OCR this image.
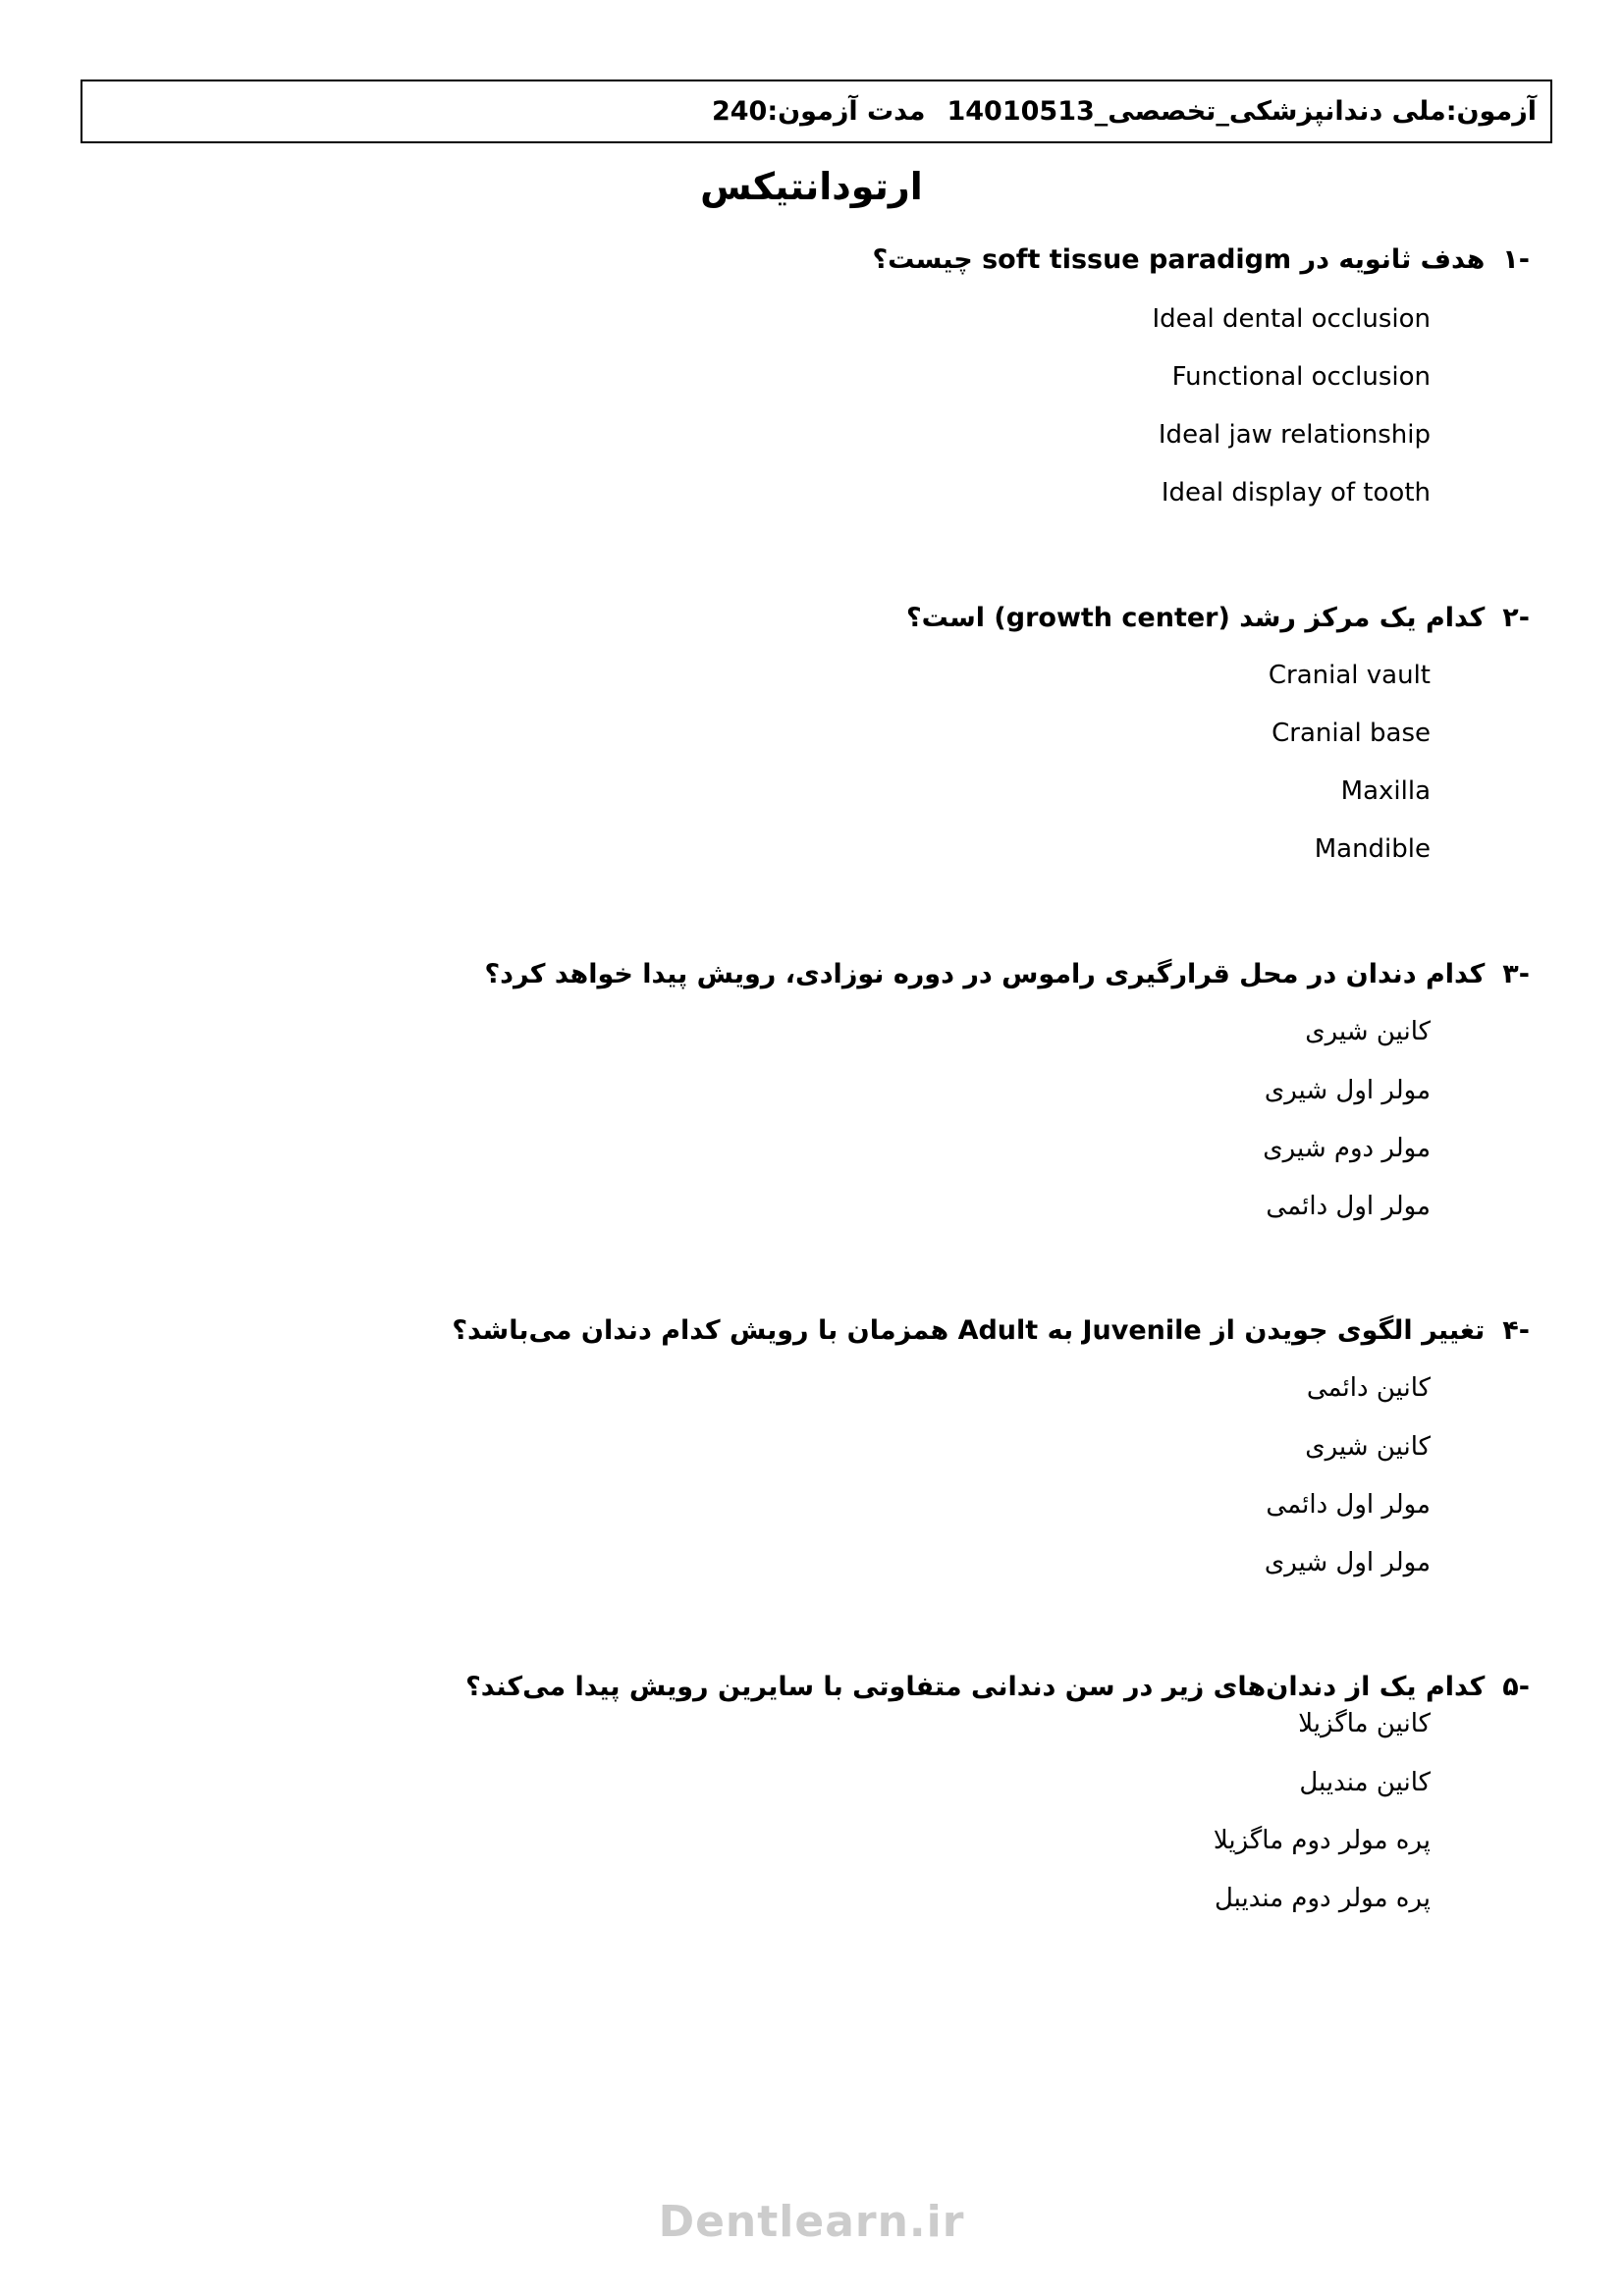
آزمون:ملی دندانپزشکی_تخصصی_14010513
مدت آزمون:240
ارتودانتیکس
-۱هدف ثانویه در soft tissue paradigm چیست؟
Ideal dental occlusion
Functional occlusion
Ideal jaw relationship
Ideal display of tooth
-۲کدام یک مرکز رشد (growth center) است؟
Cranial vault
Cranial base
Maxilla
Mandible
-۳کدام دندان در محل قرارگیری راموس در دوره نوزادی، رویش پیدا خواهد کرد؟
کانین شیری
مولر اول شیری
مولر دوم شیری
مولر اول دائمی
-۴تغییر الگوی جویدن از Juvenile به Adult همزمان با رویش کدام دندان می‌باشد؟
کانین دائمی
کانین شیری
مولر اول دائمی
مولر اول شیری
-۵کدام یک از دندان‌های زیر در سن دندانی متفاوتی با سایرین رویش پیدا می‌کند؟
کانین ماگزیلا
کانین مندیبل
پره مولر دوم ماگزیلا
پره مولر دوم مندیبل
Dentlearn.ir
